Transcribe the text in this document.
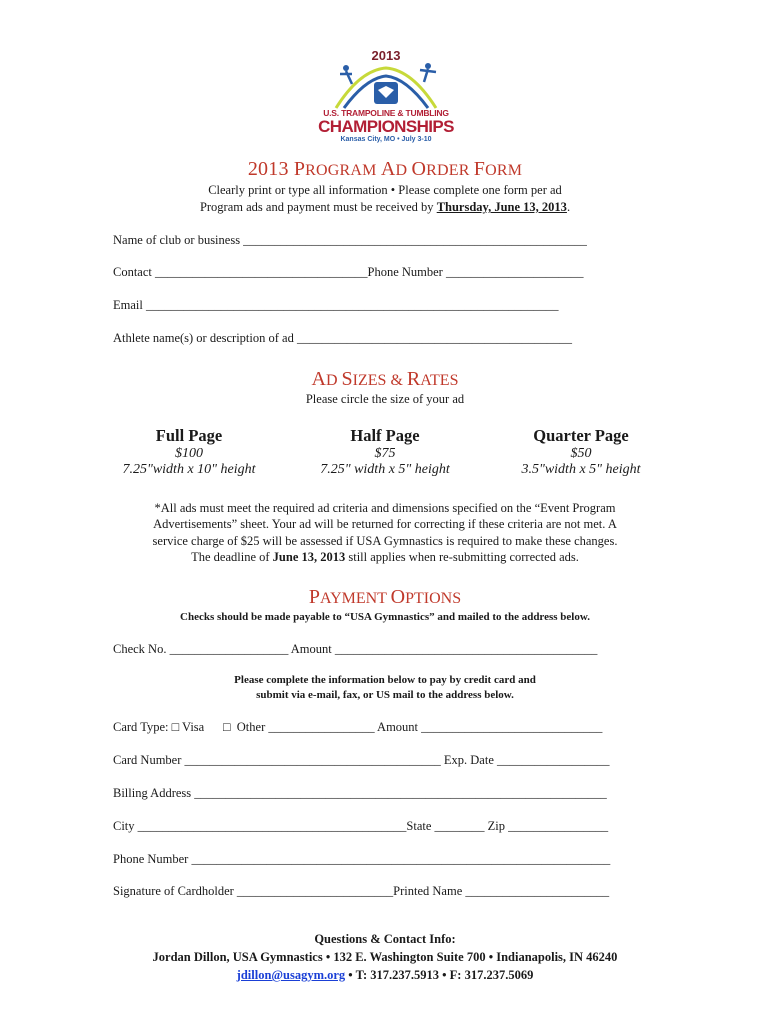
2013
U.S. TRAMPOLINE & TUMBLING
CHAMPIONSHIPS
Kansas City, MO • July 3-10
2013 PROGRAM AD ORDER FORM
Clearly print or type all information • Please complete one form per ad
Program ads and payment must be received by Thursday, June 13, 2013.
Name of club or business _______________________________________________________
Contact __________________________________Phone Number ______________________
Email __________________________________________________________________
Athlete name(s) or description of ad ____________________________________________
AD SIZES & RATES
Please circle the size of your ad
Full Page
$100
7.25"width x 10" height
Half Page
$75
7.25" width x 5" height
Quarter Page
$50
3.5"width x 5" height
*All ads must meet the required ad criteria and dimensions specified on the “Event Program
Advertisements” sheet. Your ad will be returned for correcting if these criteria are not met. A
service charge of $25 will be assessed if USA Gymnastics is required to make these changes.
The deadline of June 13, 2013 still applies when re-submitting corrected ads.
PAYMENT OPTIONS
Checks should be made payable to “USA Gymnastics” and mailed to the address below.
Check No. ___________________ Amount __________________________________________
Please complete the information below to pay by credit card and
submit via e-mail, fax, or US mail to the address below.
Card Type: □ Visa      □  Other _________________ Amount _____________________________
Card Number _________________________________________ Exp. Date __________________
Billing Address __________________________________________________________________
City ___________________________________________State ________ Zip ________________
Phone Number ___________________________________________________________________
Signature of Cardholder _________________________Printed Name _______________________
Questions & Contact Info:
Jordan Dillon, USA Gymnastics • 132 E. Washington Suite 700 • Indianapolis, IN 46240
jdillon@usagym.org • T: 317.237.5913 • F: 317.237.5069
